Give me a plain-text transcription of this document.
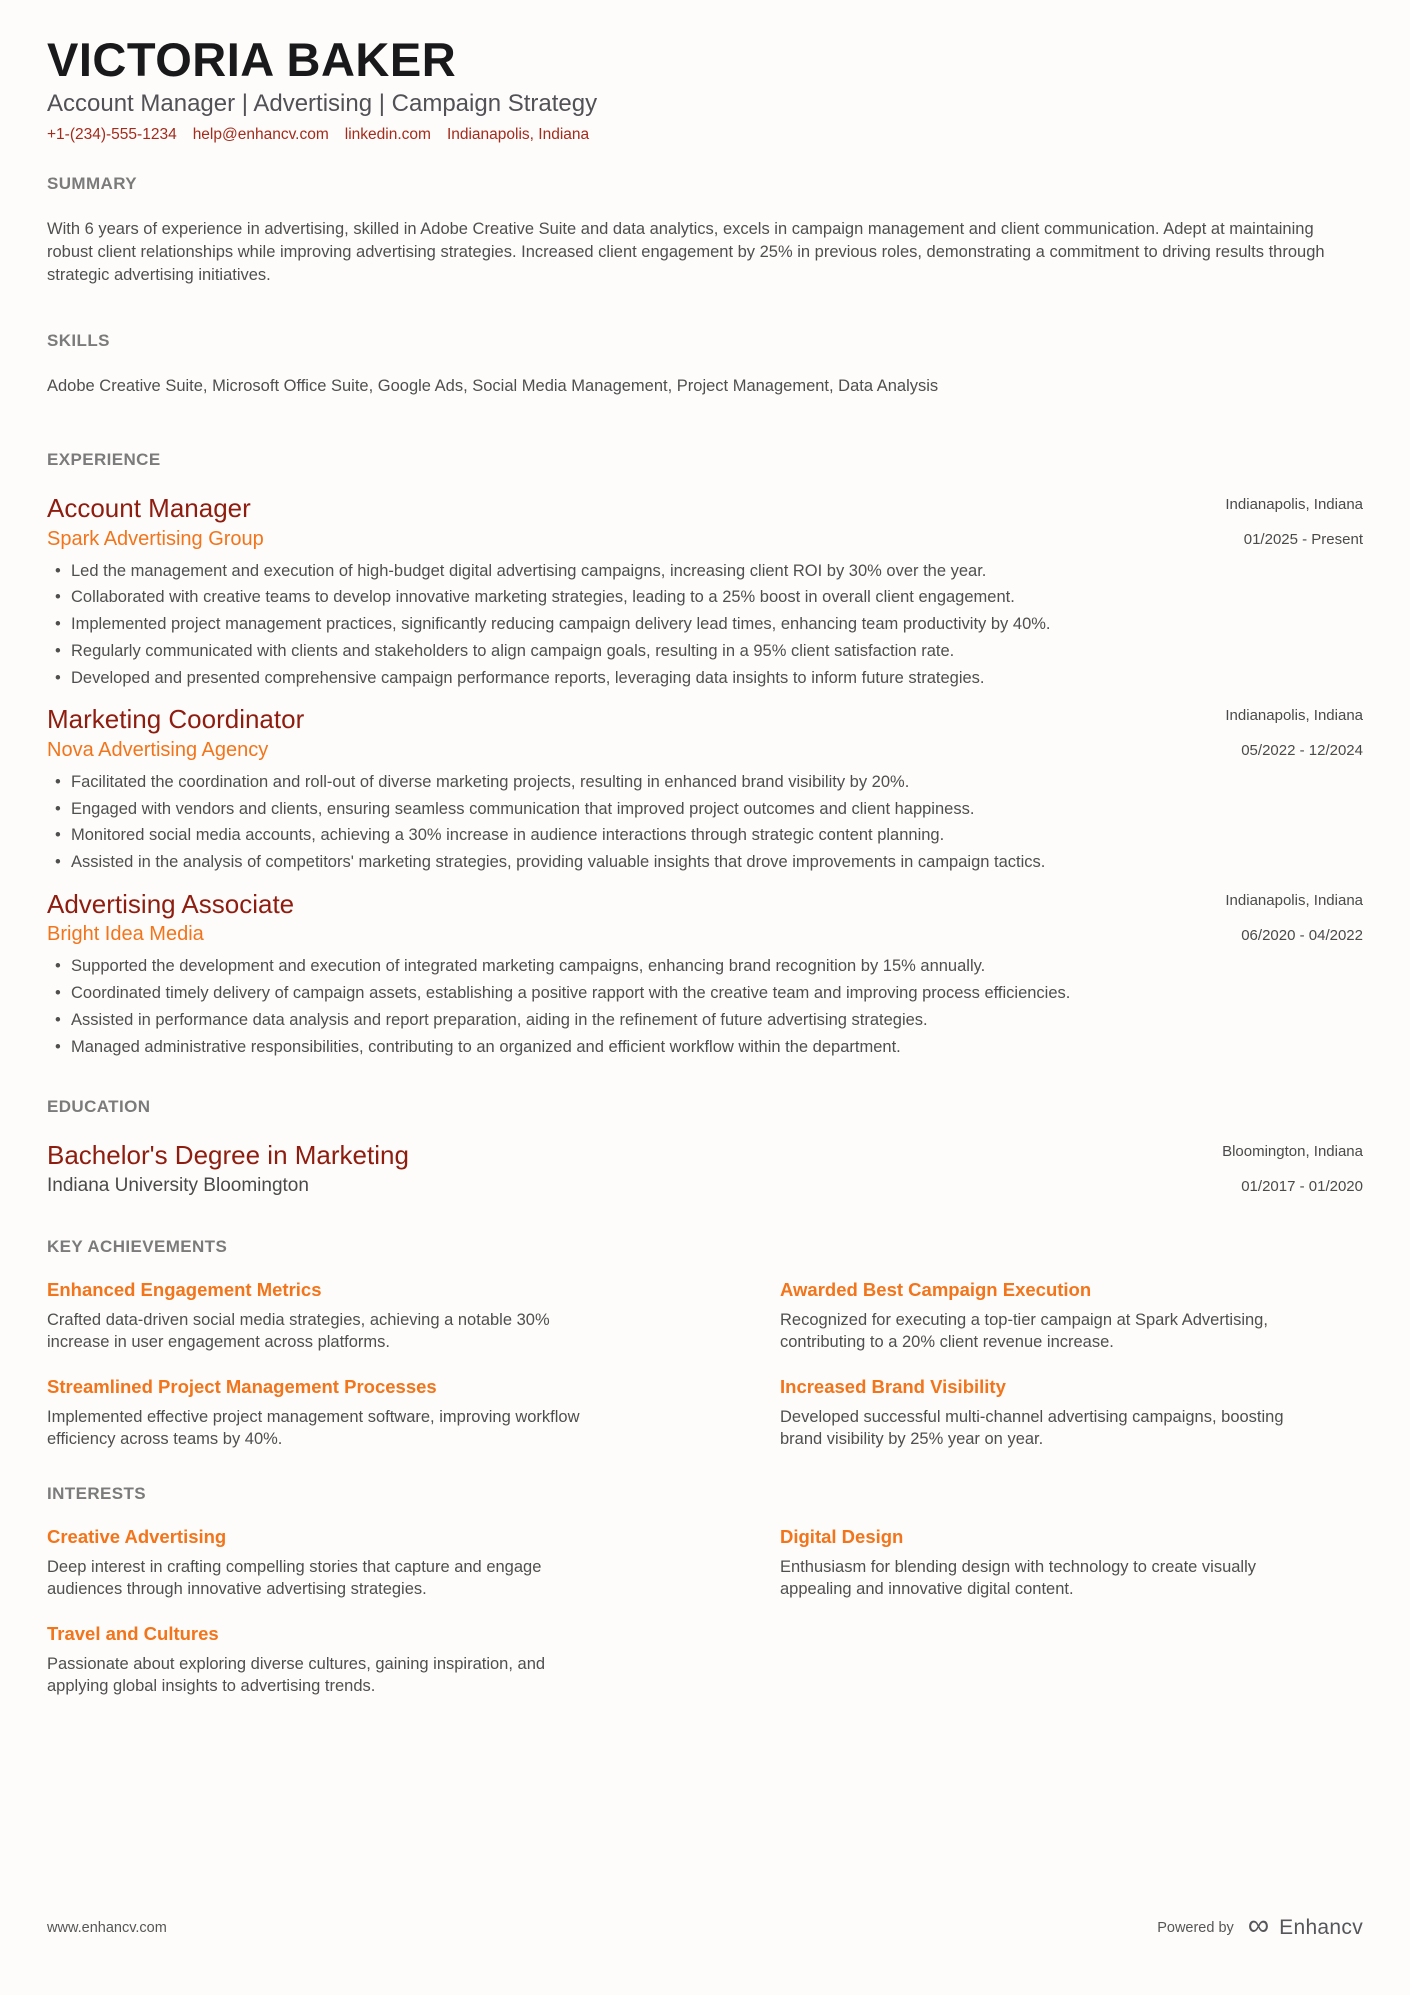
VICTORIA BAKER
Account Manager | Advertising | Campaign Strategy
+1-(234)-555-1234 help@enhancv.com linkedin.com Indianapolis, Indiana
SUMMARY

With 6 years of experience in advertising, skilled in Adobe Creative Suite and data analytics, excels in campaign management and client communication. Adept at maintaining robust client relationships while improving advertising strategies. Increased client engagement by 25% in previous roles, demonstrating a commitment to driving results through strategic advertising initiatives.

SKILLS

Adobe Creative Suite, Microsoft Office Suite, Google Ads, Social Media Management, Project Management, Data Analysis

EXPERIENCE
Account Manager
Spark Advertising Group
Indianapolis, Indiana
01/2025 - Present
• Led the management and execution of high-budget digital advertising campaigns, increasing client ROI by 30% over the year.
• Collaborated with creative teams to develop innovative marketing strategies, leading to a 25% boost in overall client engagement.
• Implemented project management practices, significantly reducing campaign delivery lead times, enhancing team productivity by 40%.
• Regularly communicated with clients and stakeholders to align campaign goals, resulting in a 95% client satisfaction rate.
• Developed and presented comprehensive campaign performance reports, leveraging data insights to inform future strategies.
Marketing Coordinator
Nova Advertising Agency
Indianapolis, Indiana
05/2022 - 12/2024
• Facilitated the coordination and roll-out of diverse marketing projects, resulting in enhanced brand visibility by 20%.
• Engaged with vendors and clients, ensuring seamless communication that improved project outcomes and client happiness.
• Monitored social media accounts, achieving a 30% increase in audience interactions through strategic content planning.
• Assisted in the analysis of competitors' marketing strategies, providing valuable insights that drove improvements in campaign tactics.
Advertising Associate
Bright Idea Media
Indianapolis, Indiana
06/2020 - 04/2022
• Supported the development and execution of integrated marketing campaigns, enhancing brand recognition by 15% annually.
• Coordinated timely delivery of campaign assets, establishing a positive rapport with the creative team and improving process efficiencies.
• Assisted in performance data analysis and report preparation, aiding in the refinement of future advertising strategies.
• Managed administrative responsibilities, contributing to an organized and efficient workflow within the department.
EDUCATION
Bachelor's Degree in Marketing
Indiana University Bloomington
Bloomington, Indiana
01/2017 - 01/2020
KEY ACHIEVEMENTS
Enhanced Engagement Metrics

Crafted data-driven social media strategies, achieving a notable 30% increase in user engagement across platforms.

Awarded Best Campaign Execution

Recognized for executing a top-tier campaign at Spark Advertising, contributing to a 20% client revenue increase.

Streamlined Project Management Processes

Implemented effective project management software, improving workflow efficiency across teams by 40%.

Increased Brand Visibility

Developed successful multi-channel advertising campaigns, boosting brand visibility by 25% year on year.

INTERESTS
Creative Advertising

Deep interest in crafting compelling stories that capture and engage audiences through innovative advertising strategies.

Digital Design

Enthusiasm for blending design with technology to create visually appealing and innovative digital content.

Travel and Cultures

Passionate about exploring diverse cultures, gaining inspiration, and applying global insights to advertising trends.

www.enhancv.com	Powered by ∞ Enhancv
